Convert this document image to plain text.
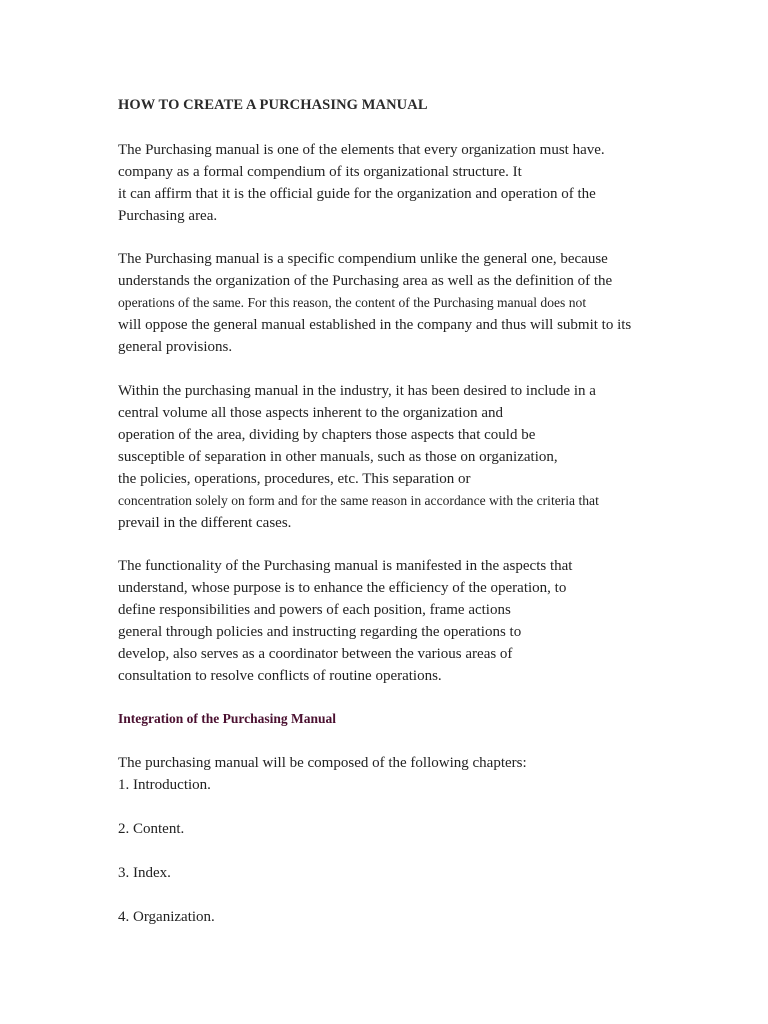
HOW TO CREATE A PURCHASING MANUAL
The Purchasing manual is one of the elements that every organization must have.
company as a formal compendium of its organizational structure. It
it can affirm that it is the official guide for the organization and operation of the
Purchasing area.
The Purchasing manual is a specific compendium unlike the general one, because
understands the organization of the Purchasing area as well as the definition of the
operations of the same. For this reason, the content of the Purchasing manual does not
will oppose the general manual established in the company and thus will submit to its
general provisions.
Within the purchasing manual in the industry, it has been desired to include in a
central volume all those aspects inherent to the organization and
operation of the area, dividing by chapters those aspects that could be
susceptible of separation in other manuals, such as those on organization,
the policies, operations, procedures, etc. This separation or
concentration solely on form and for the same reason in accordance with the criteria that
prevail in the different cases.
The functionality of the Purchasing manual is manifested in the aspects that
understand, whose purpose is to enhance the efficiency of the operation, to
define responsibilities and powers of each position, frame actions
general through policies and instructing regarding the operations to
develop, also serves as a coordinator between the various areas of
consultation to resolve conflicts of routine operations.
Integration of the Purchasing Manual
The purchasing manual will be composed of the following chapters:
1. Introduction.
2. Content.
3. Index.
4. Organization.
